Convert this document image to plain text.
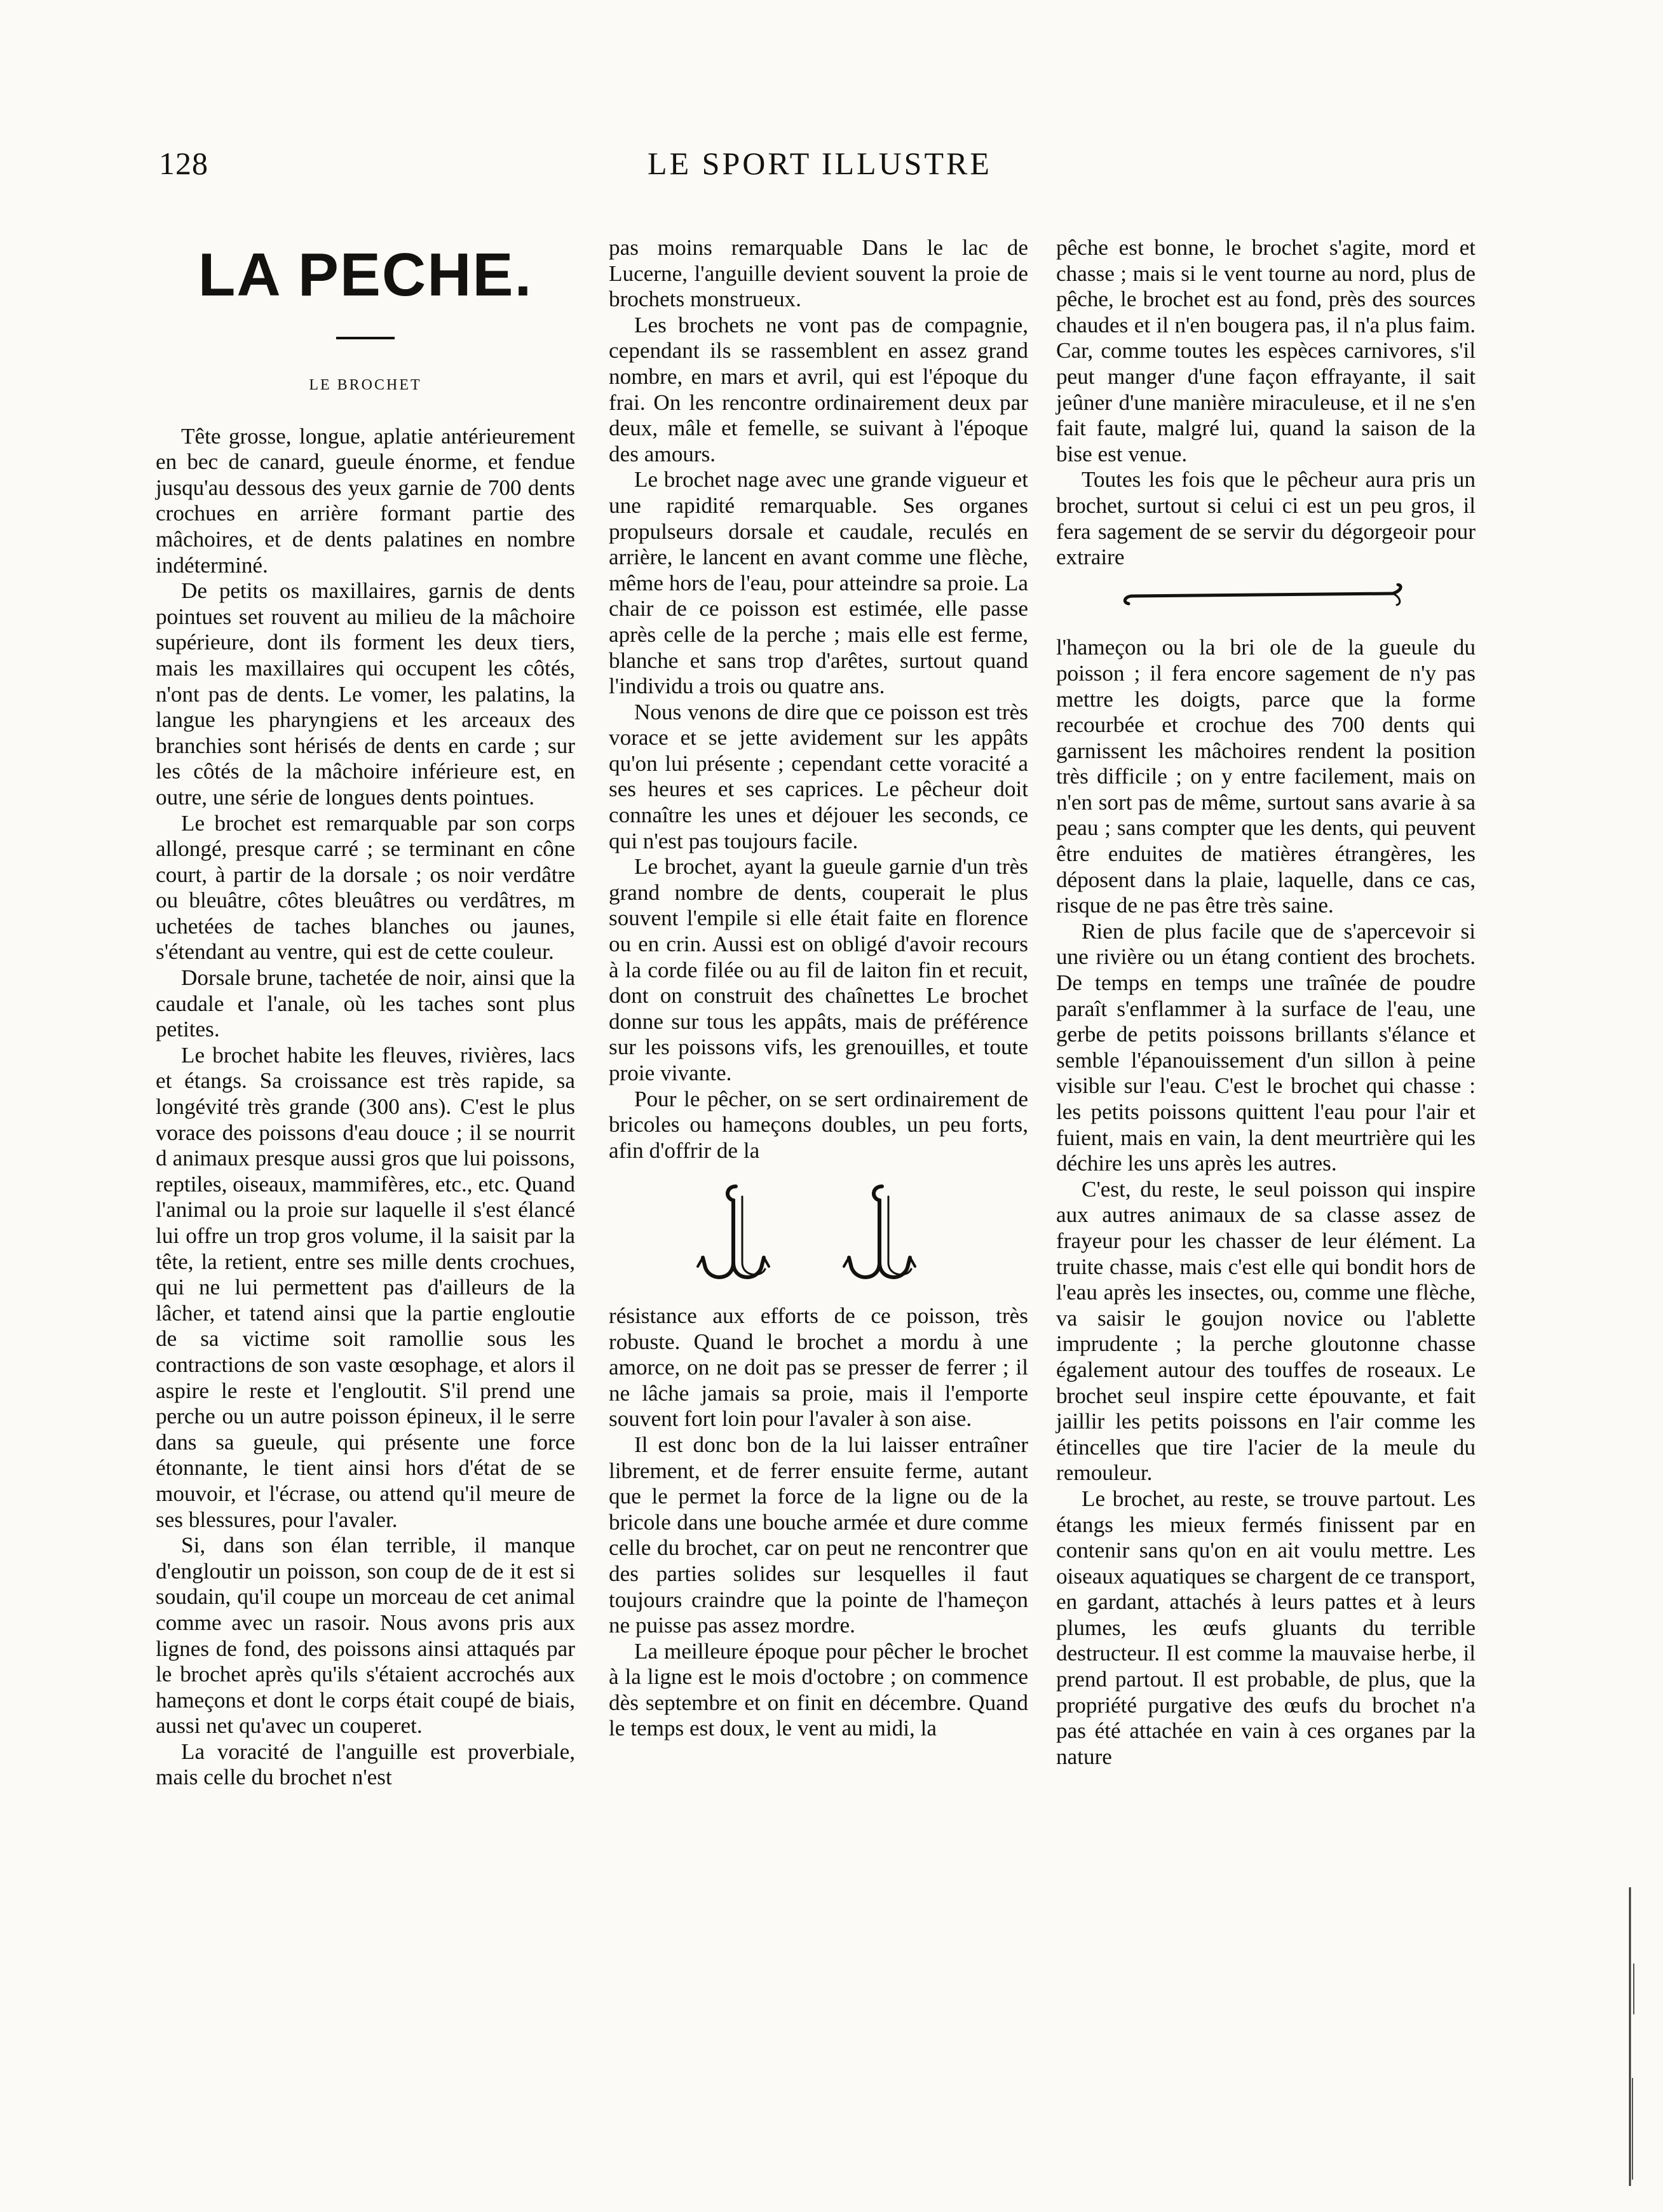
128	LE SPORT ILLUSTRE
LA PECHE.
LE BROCHET

Tête grosse, longue, aplatie antérieurement en bec de canard, gueule énorme, et fendue jusqu'au dessous des yeux garnie de 700 dents crochues en arrière formant partie des mâchoires, et de dents palatines en nombre indéterminé.

De petits os maxillaires, garnis de dents pointues set rouvent au milieu de la mâchoire supérieure, dont ils forment les deux tiers, mais les maxillaires qui occupent les côtés, n'ont pas de dents. Le vomer, les palatins, la langue les pharyngiens et les arceaux des branchies sont hérisés de dents en carde ; sur les côtés de la mâchoire inférieure est, en outre, une série de longues dents pointues.

Le brochet est remarquable par son corps allongé, presque carré ; se terminant en cône court, à partir de la dorsale ; os noir verdâtre ou bleuâtre, côtes bleuâtres ou verdâtres, m uchetées de taches blanches ou jaunes, s'étendant au ventre, qui est de cette couleur.

Dorsale brune, tachetée de noir, ainsi que la caudale et l'anale, où les taches sont plus petites.

Le brochet habite les fleuves, rivières, lacs et étangs. Sa croissance est très rapide, sa longévité très grande (300 ans). C'est le plus vorace des poissons d'eau douce ; il se nourrit d animaux presque aussi gros que lui poissons, reptiles, oiseaux, mammifères, etc., etc. Quand l'animal ou la proie sur laquelle il s'est élancé lui offre un trop gros volume, il la saisit par la tête, la retient, entre ses mille dents crochues, qui ne lui permettent pas d'ailleurs de la lâcher, et tatend ainsi que la partie engloutie de sa victime soit ramollie sous les contractions de son vaste œsophage, et alors il aspire le reste et l'engloutit. S'il prend une perche ou un autre poisson épineux, il le serre dans sa gueule, qui présente une force étonnante, le tient ainsi hors d'état de se mouvoir, et l'écrase, ou attend qu'il meure de ses blessures, pour l'avaler.

Si, dans son élan terrible, il manque d'engloutir un poisson, son coup de de it est si soudain, qu'il coupe un morceau de cet animal comme avec un rasoir. Nous avons pris aux lignes de fond, des poissons ainsi attaqués par le brochet après qu'ils s'étaient accrochés aux hameçons et dont le corps était coupé de biais, aussi net qu'avec un couperet.

La voracité de l'anguille est proverbiale, mais celle du brochet n'est

pas moins remarquable Dans le lac de Lucerne, l'anguille devient souvent la proie de brochets monstrueux.

Les brochets ne vont pas de compagnie, cependant ils se rassemblent en assez grand nombre, en mars et avril, qui est l'époque du frai. On les rencontre ordinairement deux par deux, mâle et femelle, se suivant à l'époque des amours.

Le brochet nage avec une grande vigueur et une rapidité remarquable. Ses organes propulseurs dorsale et caudale, reculés en arrière, le lancent en avant comme une flèche, même hors de l'eau, pour atteindre sa proie. La chair de ce poisson est estimée, elle passe après celle de la perche ; mais elle est ferme, blanche et sans trop d'arêtes, surtout quand l'individu a trois ou quatre ans.

Nous venons de dire que ce poisson est très vorace et se jette avidement sur les appâts qu'on lui présente ; cependant cette voracité a ses heures et ses caprices. Le pêcheur doit connaître les unes et déjouer les seconds, ce qui n'est pas toujours facile.

Le brochet, ayant la gueule garnie d'un très grand nombre de dents, couperait le plus souvent l'empile si elle était faite en florence ou en crin. Aussi est on obligé d'avoir recours à la corde filée ou au fil de laiton fin et recuit, dont on construit des chaînettes Le brochet donne sur tous les appâts, mais de préférence sur les poissons vifs, les grenouilles, et toute proie vivante.

Pour le pêcher, on se sert ordinairement de bricoles ou hameçons doubles, un peu forts, afin d'offrir de la

résistance aux efforts de ce poisson, très robuste. Quand le brochet a mordu à une amorce, on ne doit pas se presser de ferrer ; il ne lâche jamais sa proie, mais il l'emporte souvent fort loin pour l'avaler à son aise.

Il est donc bon de la lui laisser entraîner librement, et de ferrer ensuite ferme, autant que le permet la force de la ligne ou de la bricole dans une bouche armée et dure comme celle du brochet, car on peut ne rencontrer que des parties solides sur lesquelles il faut toujours craindre que la pointe de l'hameçon ne puisse pas assez mordre.

La meilleure époque pour pêcher le brochet à la ligne est le mois d'octobre ; on commence dès septembre et on finit en décembre. Quand le temps est doux, le vent au midi, la

pêche est bonne, le brochet s'agite, mord et chasse ; mais si le vent tourne au nord, plus de pêche, le brochet est au fond, près des sources chaudes et il n'en bougera pas, il n'a plus faim. Car, comme toutes les espèces carnivores, s'il peut manger d'une façon effrayante, il sait jeûner d'une manière miraculeuse, et il ne s'en fait faute, malgré lui, quand la saison de la bise est venue.

Toutes les fois que le pêcheur aura pris un brochet, surtout si celui ci est un peu gros, il fera sagement de se servir du dégorgeoir pour extraire

l'hameçon ou la bri ole de la gueule du poisson ; il fera encore sagement de n'y pas mettre les doigts, parce que la forme recourbée et crochue des 700 dents qui garnissent les mâchoires rendent la position très difficile ; on y entre facilement, mais on n'en sort pas de même, surtout sans avarie à sa peau ; sans compter que les dents, qui peuvent être enduites de matières étrangères, les déposent dans la plaie, laquelle, dans ce cas, risque de ne pas être très saine.

Rien de plus facile que de s'apercevoir si une rivière ou un étang contient des brochets. De temps en temps une traînée de poudre paraît s'enflammer à la surface de l'eau, une gerbe de petits poissons brillants s'élance et semble l'épanouissement d'un sillon à peine visible sur l'eau. C'est le brochet qui chasse : les petits poissons quittent l'eau pour l'air et fuient, mais en vain, la dent meurtrière qui les déchire les uns après les autres.

C'est, du reste, le seul poisson qui inspire aux autres animaux de sa classe assez de frayeur pour les chasser de leur élément. La truite chasse, mais c'est elle qui bondit hors de l'eau après les insectes, ou, comme une flèche, va saisir le goujon novice ou l'ablette imprudente ; la perche gloutonne chasse également autour des touffes de roseaux. Le brochet seul inspire cette épouvante, et fait jaillir les petits poissons en l'air comme les étincelles que tire l'acier de la meule du remouleur.

Le brochet, au reste, se trouve partout. Les étangs les mieux fermés finissent par en contenir sans qu'on en ait voulu mettre. Les oiseaux aquatiques se chargent de ce transport, en gardant, attachés à leurs pattes et à leurs plumes, les œufs gluants du terrible destructeur. Il est comme la mauvaise herbe, il prend partout. Il est probable, de plus, que la propriété purgative des œufs du brochet n'a pas été attachée en vain à ces organes par la nature
